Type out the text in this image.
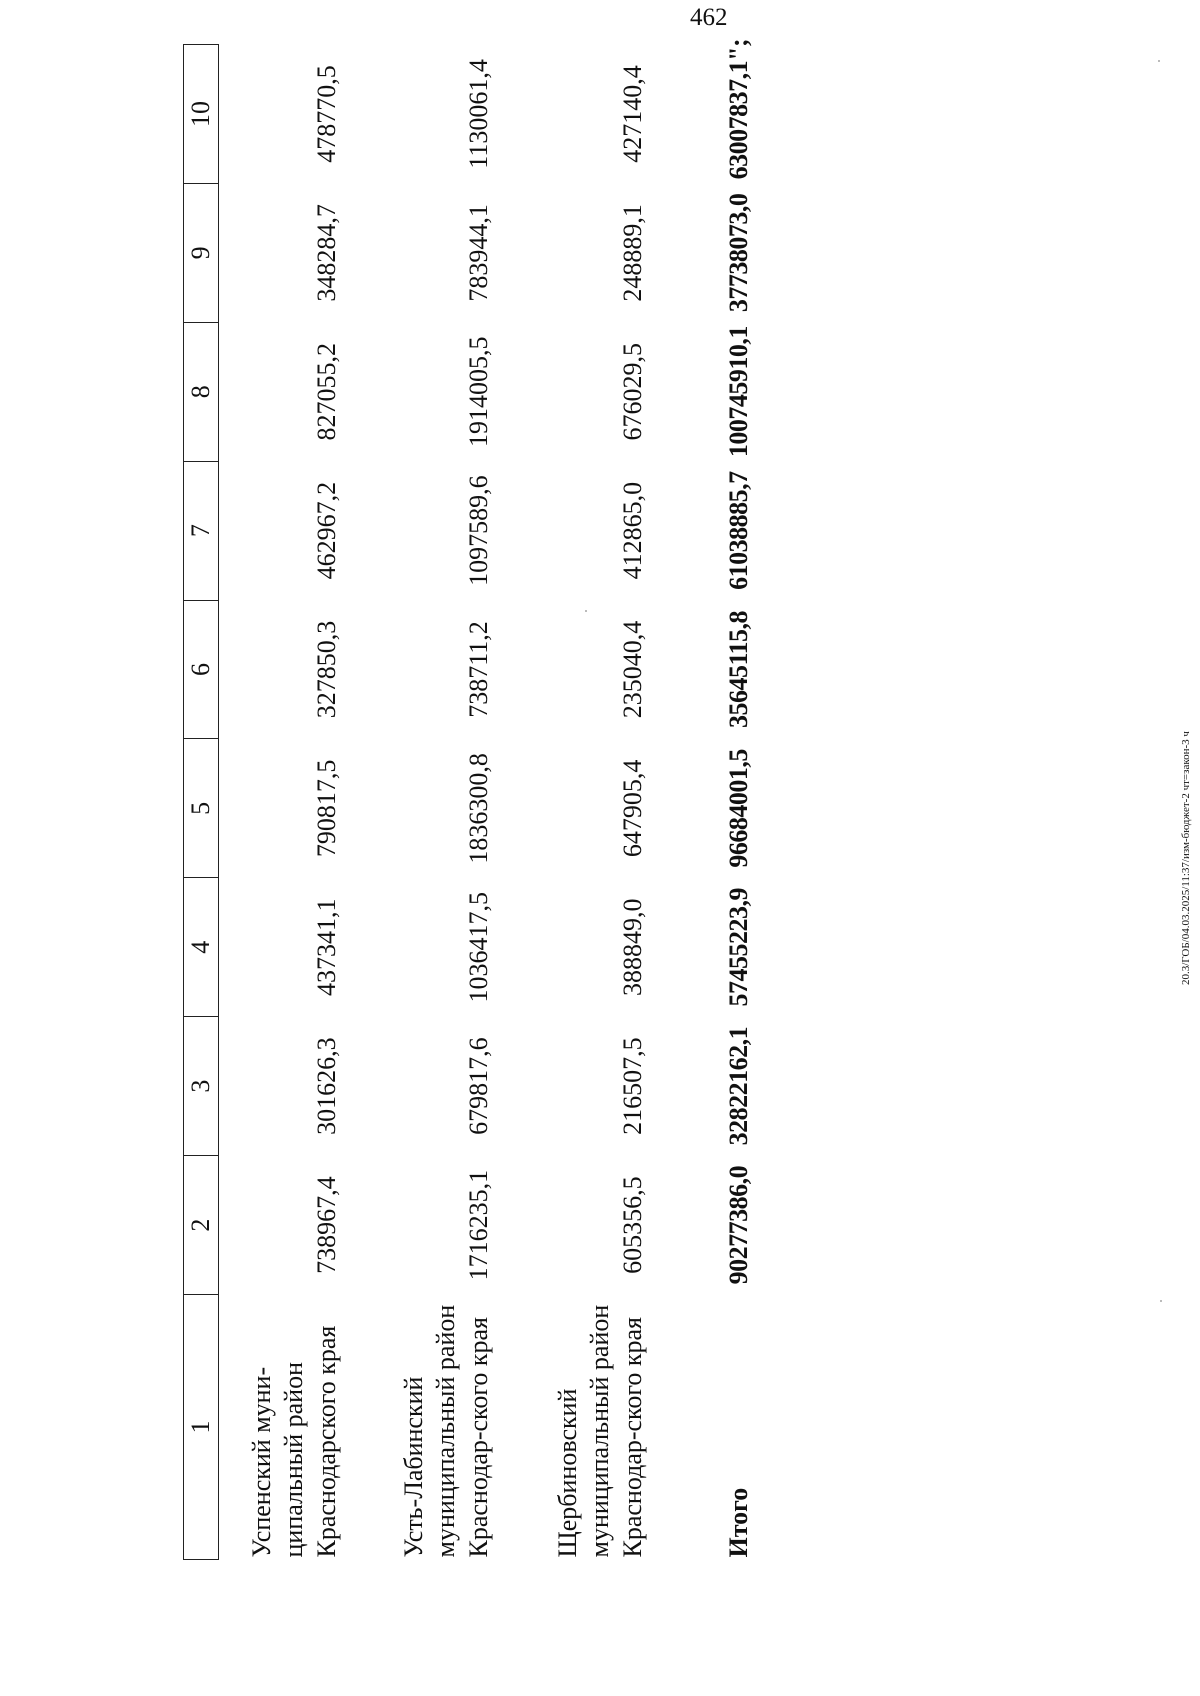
462
1	2	3	4	5	6	7	8	9	10
Успенский муни-ципальный район Краснодарского края	738967,4	301626,3	437341,1	790817,5	327850,3	462967,2	827055,2	348284,7	478770,5
Усть-Лабинский муниципальный район Краснодар-ского края	1716235,1	679817,6	1036417,5	1836300,8	738711,2	1097589,6	1914005,5	783944,1	1130061,4
Щербиновский муниципальный район Краснодар-ского края	605356,5	216507,5	388849,0	647905,4	235040,4	412865,0	676029,5	248889,1	427140,4
Итого	90277386,0	32822162,1	57455223,9	96684001,5	35645115,8	61038885,7	100745910,1	37738073,0	63007837,1";
20.3/ГОБ/04.03.2025/11:37/изм-бюджет-2 чт=закон-3 ч
